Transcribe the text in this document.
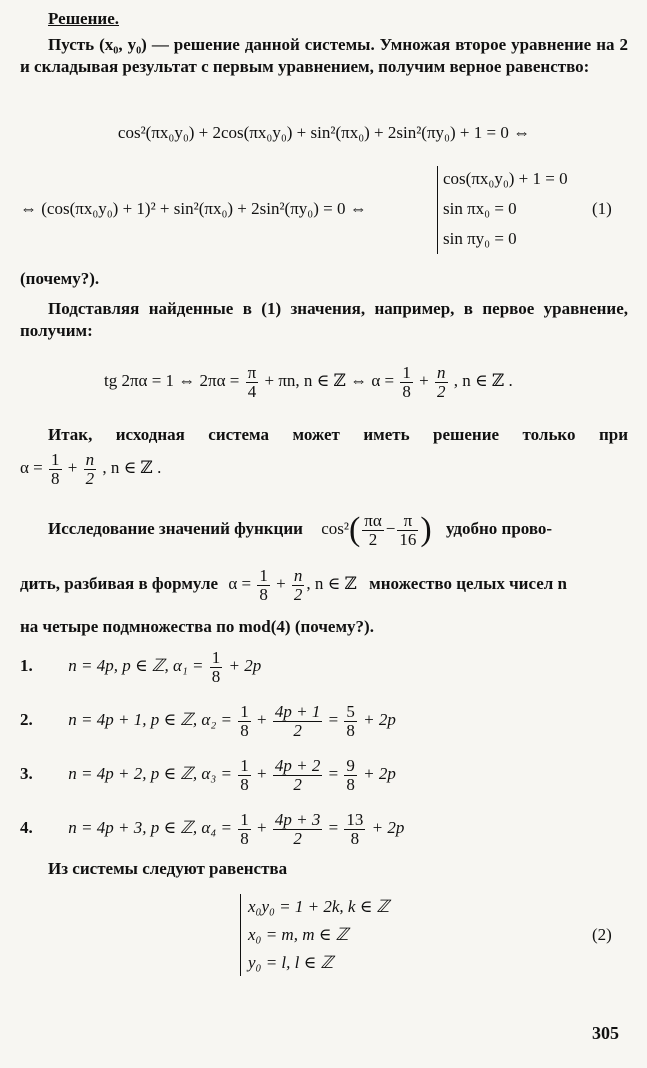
Решение.
Пусть (x₀, y₀) — решение данной системы. Умножая второе уравнение на 2 и складывая результат с первым уравнением, получим верное равенство:
cos²(πx₀y₀) + 2cos(πx₀y₀) + sin²(πx₀) + 2sin²(πy₀) + 1 = 0 ⇔
⇔ (cos(πx₀y₀) + 1)² + sin²(πx₀) + 2sin²(πy₀) = 0 ⇔
cos(πx₀y₀) + 1 = 0
sin πx₀ = 0
sin πy₀ = 0
(1)
(почему?).
Подставляя найденные в (1) значения, например, в первое уравнение, получим:
tg 2πα = 1 ⇔ $2\pi\alpha = \frac{\pi}{4} + \pi n$, n ∈ ℤ ⇔ $\alpha = \frac{1}{8} + \frac{n}{2}$ , n ∈ ℤ .
Итак, исходная система может иметь решение только при
$\alpha = \frac{1}{8} + \frac{n}{2}$ , n ∈ ℤ .
Исследование значений функции $\cos^2( \frac{\pi\alpha}{2} - \frac{\pi}{16}$ ) удобно прово-
дить, разбивая в формуле $\alpha = \frac{1}{8} + \frac{n}{2}$ , n ∈ ℤ множество целых чисел n
на четыре подмножества по mod(4) (почему?).
1. n = 4p, p ∈ ℤ, $\alpha_1 = \frac{1}{8} + 2p$
2. n = 4p + 1, p ∈ ℤ, $\alpha_2 = \frac{1}{8} + \frac{4p + 1}{2} = \frac{5}{8} + 2p$
3. n = 4p + 2, p ∈ ℤ, $\alpha_3 = \frac{1}{8} + \frac{4p + 2}{2} = \frac{9}{8} + 2p$
4. n = 4p + 3, p ∈ ℤ, $\alpha_4 = \frac{1}{8} + \frac{4p + 3}{2} = \frac{13}{8} + 2p$
Из системы следуют равенства
x₀y₀ = 1 + 2k, k ∈ ℤ
x₀ = m, m ∈ ℤ
y₀ = l, l ∈ ℤ
(2)
305
